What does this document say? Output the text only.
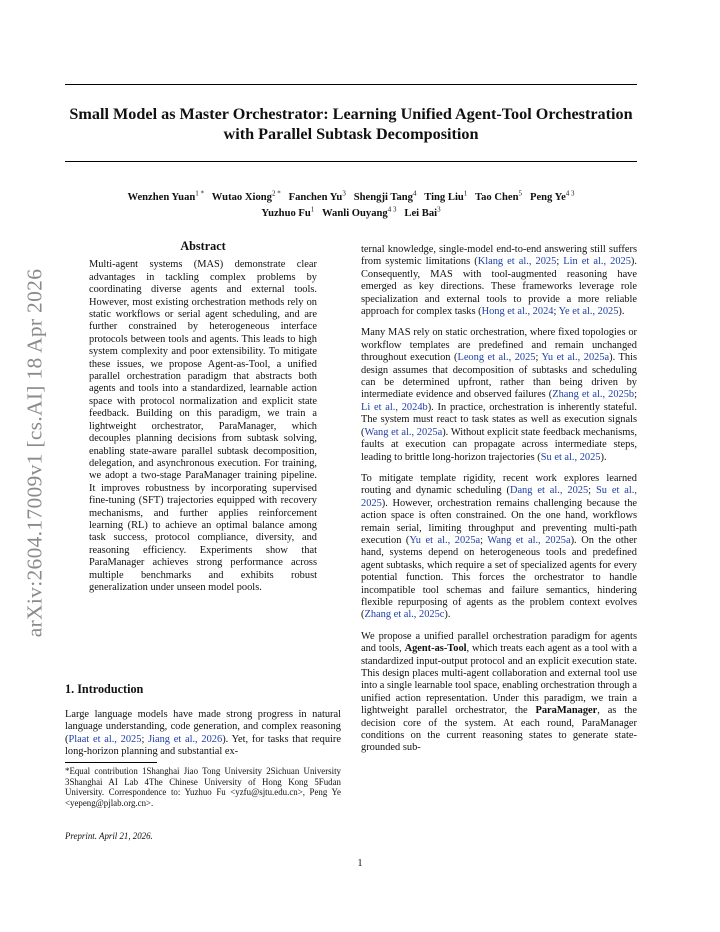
Small Model as Master Orchestrator: Learning Unified Agent-Tool Orchestration with Parallel Subtask Decomposition
Wenzhen Yuan$^{1 *}$ Wutao Xiong$^{2 *}$ Fanchen Yu$^3$ Shengji Tang$^4$ Ting Liu$^1$ Tao Chen$^5$ Peng $Ye^{4 3}$
Yuzhuo Fu$^1$ Wanli Ouyang$^{4 3}$ Lei Bai$^3$
arXiv:2604.17009v1 [cs.AI] 18 Apr 2026
Abstract
Multi-agent systems (MAS) demonstrate clear advantages in tackling complex problems by coordinating diverse agents and external tools. However, most existing orchestration methods rely on static workflows or serial agent scheduling, and are further constrained by heterogeneous interface protocols between tools and agents. This leads to high system complexity and poor extensibility. To mitigate these issues, we propose Agent-as-Tool, a unified parallel orchestration paradigm that abstracts both agents and tools into a standardized, learnable action space with protocol normalization and explicit state feedback. Building on this paradigm, we train a lightweight orchestrator, ParaManager, which decouples planning decisions from subtask solving, enabling state-aware parallel subtask decomposition, delegation, and asynchronous execution. For training, we adopt a two-stage ParaManager training pipeline. It improves robustness by incorporating supervised fine-tuning (SFT) trajectories equipped with recovery mechanisms, and further applies reinforcement learning (RL) to achieve an optimal balance among task success, protocol compliance, diversity, and reasoning efficiency. Experiments show that ParaManager achieves strong performance across multiple benchmarks and exhibits robust generalization under unseen model pools.
1. Introduction

Large language models have made strong progress in natural language understanding, code generation, and complex reasoning (Plaat et al., 2025; Jiang et al., 2026). Yet, for tasks that require long-horizon planning and substantial ex-

*Equal contribution 1Shanghai Jiao Tong University 2Sichuan University 3Shanghai AI Lab 4The Chinese University of Hong Kong 5Fudan University. Correspondence to: Yuzhuo Fu <yzfu@sjtu.edu.cn>, Peng Ye <yepeng@pjlab.org.cn>.

Preprint. April 21, 2026.

ternal knowledge, single-model end-to-end answering still suffers from systemic limitations (Klang et al., 2025; Lin et al., 2025). Consequently, MAS with tool-augmented reasoning have emerged as key directions. These frameworks leverage role specialization and external tools to provide a more reliable approach for complex tasks (Hong et al., 2024; Ye et al., 2025).

Many MAS rely on static orchestration, where fixed topologies or workflow templates are predefined and remain unchanged throughout execution (Leong et al., 2025; Yu et al., 2025a). This design assumes that decomposition of subtasks and scheduling can be determined upfront, rather than being driven by intermediate evidence and observed failures (Zhang et al., 2025b; Li et al., 2024b). In practice, orchestration is inherently stateful. The system must react to task states as well as execution signals (Wang et al., 2025a). Without explicit state feedback mechanisms, faults at execution can propagate across intermediate steps, leading to brittle long-horizon trajectories (Su et al., 2025).

To mitigate template rigidity, recent work explores learned routing and dynamic scheduling (Dang et al., 2025; Su et al., 2025). However, orchestration remains challenging because the action space is often constrained. On the one hand, workflows remain serial, limiting throughput and preventing multi-path execution (Yu et al., 2025a; Wang et al., 2025a). On the other hand, systems depend on heterogeneous tools and predefined agent subtasks, which require a set of specialized agents for every potential function. This forces the orchestrator to handle incompatible tool schemas and failure semantics, hindering flexible repurposing of agents as the problem context evolves (Zhang et al., 2025c).

We propose a unified parallel orchestration paradigm for agents and tools, Agent-as-Tool, which treats each agent as a tool with a standardized input-output protocol and an explicit execution state. This design places multi-agent collaboration and external tool use into a single learnable tool space, enabling orchestration through a unified action representation. Under this paradigm, we train a lightweight parallel orchestrator, the ParaManager, as the decision core of the system. At each round, ParaManager conditions on the current reasoning states to generate state-grounded sub-

1
